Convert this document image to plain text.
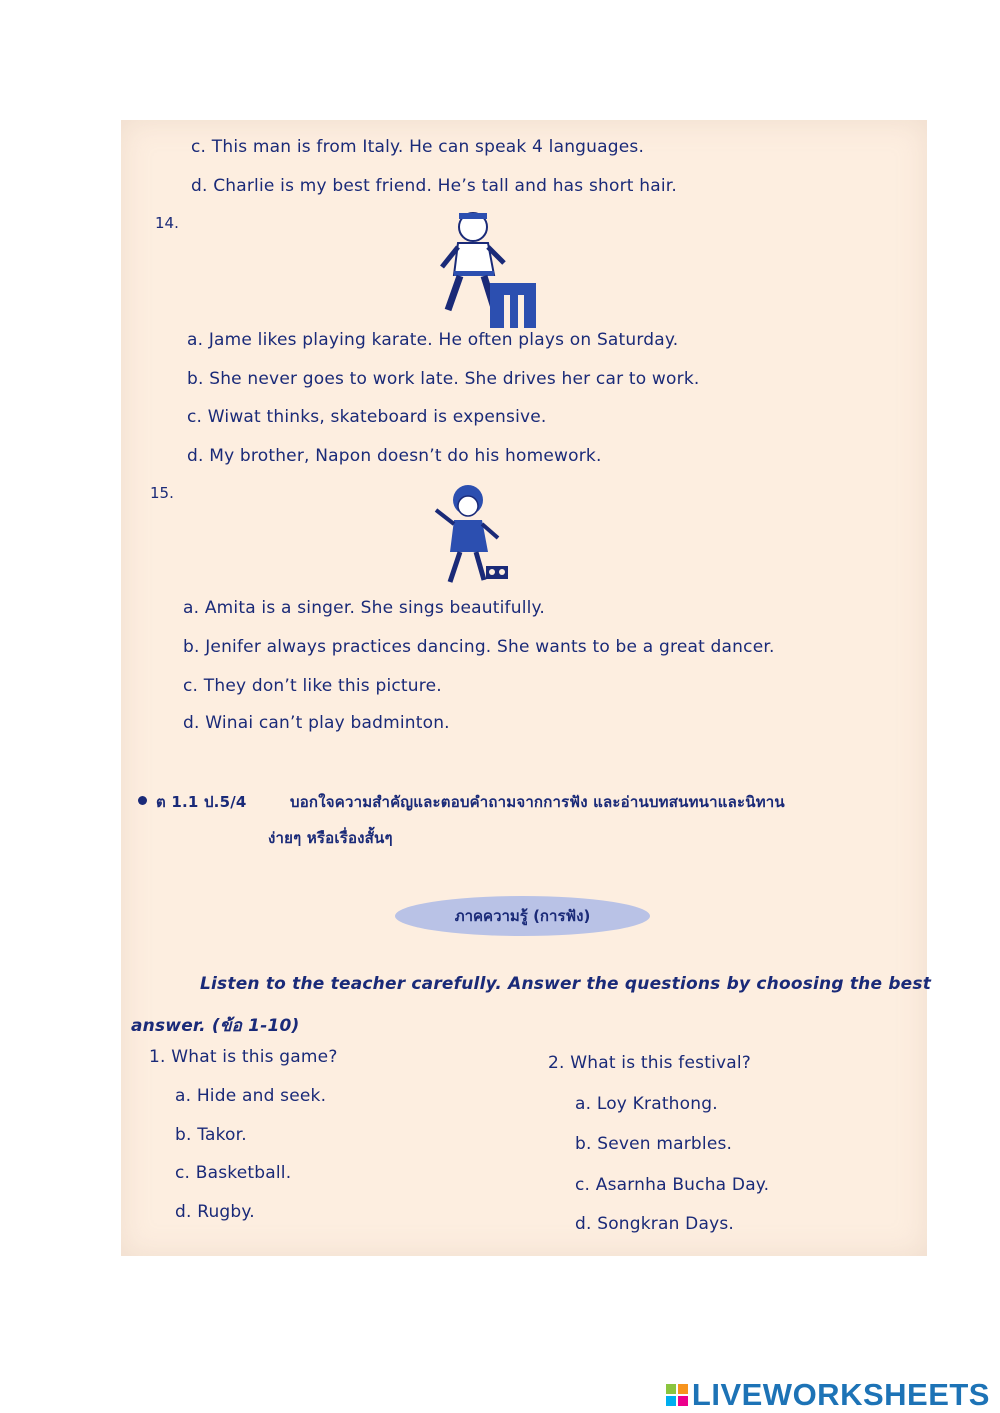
c. This man is from Italy. He can speak 4 languages.
d. Charlie is my best friend. He’s tall and has short hair.
14.
a. Jame likes playing karate. He often plays on Saturday.
b. She never goes to work late. She drives her car to work.
c. Wiwat thinks, skateboard is expensive.
d. My brother, Napon doesn’t do his homework.
15.
a. Amita is a singer. She sings beautifully.
b. Jenifer always practices dancing. She wants to be a great dancer.
c. They don’t like this picture.
d. Winai can’t play badminton.
ต 1.1 ป.5/4	บอกใจความสำคัญและตอบคำถามจากการฟัง และอ่านบทสนทนาและนิทาน
ง่ายๆ หรือเรื่องสั้นๆ
ภาคความรู้ (การฟัง)
Listen to the teacher carefully. Answer the questions by choosing the best
answer. (ข้อ 1-10)
1. What is this game?
a. Hide and seek.
b. Takor.
c. Basketball.
d. Rugby.
2. What is this festival?
a. Loy Krathong.
b. Seven marbles.
c. Asarnha Bucha Day.
d. Songkran Days.
LIVEWORKSHEETS
